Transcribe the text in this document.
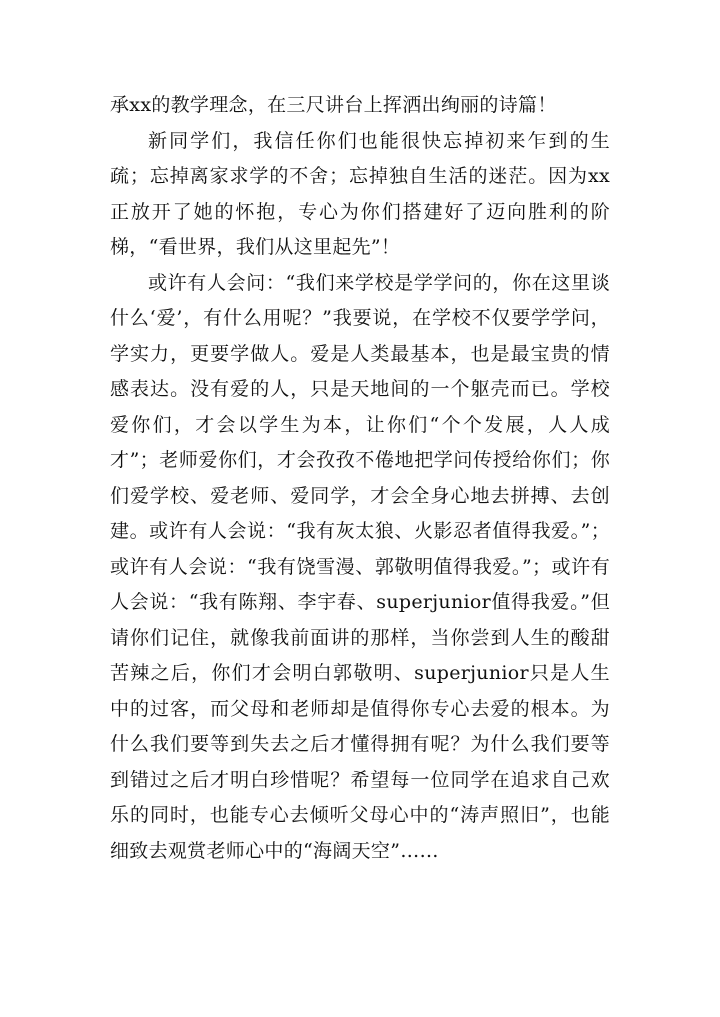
承xx的教学理念，在三尺讲台上挥洒出绚丽的诗篇！

新同学们，我信任你们也能很快忘掉初来乍到的生疏；忘掉离家求学的不舍；忘掉独自生活的迷茫。因为xx正放开了她的怀抱，专心为你们搭建好了迈向胜利的阶梯，“看世界，我们从这里起先”！

或许有人会问：“我们来学校是学学问的，你在这里谈什么‘爱’，有什么用呢？”我要说，在学校不仅要学学问，学实力，更要学做人。爱是人类最基本，也是最宝贵的情感表达。没有爱的人，只是天地间的一个躯壳而已。学校爱你们，才会以学生为本，让你们“个个发展，人人成才”；老师爱你们，才会孜孜不倦地把学问传授给你们；你们爱学校、爱老师、爱同学，才会全身心地去拼搏、去创建。或许有人会说：“我有灰太狼、火影忍者值得我爱。”；或许有人会说：“我有饶雪漫、郭敬明值得我爱。”；或许有人会说：“我有陈翔、李宇春、superjunior值得我爱。”但请你们记住，就像我前面讲的那样，当你尝到人生的酸甜苦辣之后，你们才会明白郭敬明、superjunior只是人生中的过客，而父母和老师却是值得你专心去爱的根本。为什么我们要等到失去之后才懂得拥有呢？为什么我们要等到错过之后才明白珍惜呢？希望每一位同学在追求自己欢乐的同时，也能专心去倾听父母心中的“涛声照旧”，也能细致去观赏老师心中的“海阔天空”……
